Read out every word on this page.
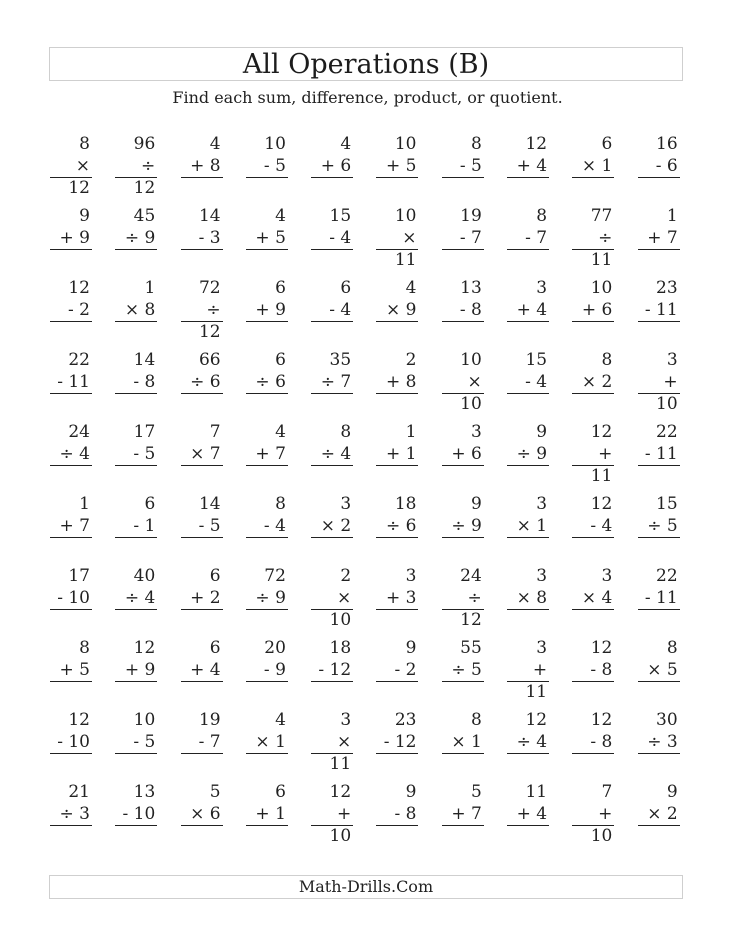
All Operations (B)
Find each sum, difference, product, or quotient.
8
× 12
96
÷ 12
4
+ 8
10
- 5
4
+ 6
10
+ 5
8
- 5
12
+ 4
6
× 1
16
- 6
9
+ 9
45
÷ 9
14
- 3
4
+ 5
15
- 4
10
× 11
19
- 7
8
- 7
77
÷ 11
1
+ 7
12
- 2
1
× 8
72
÷ 12
6
+ 9
6
- 4
4
× 9
13
- 8
3
+ 4
10
+ 6
23
- 11
22
- 11
14
- 8
66
÷ 6
6
÷ 6
35
÷ 7
2
+ 8
10
× 10
15
- 4
8
× 2
3
+ 10
24
÷ 4
17
- 5
7
× 7
4
+ 7
8
÷ 4
1
+ 1
3
+ 6
9
÷ 9
12
+ 11
22
- 11
1
+ 7
6
- 1
14
- 5
8
- 4
3
× 2
18
÷ 6
9
÷ 9
3
× 1
12
- 4
15
÷ 5
17
- 10
40
÷ 4
6
+ 2
72
÷ 9
2
× 10
3
+ 3
24
÷ 12
3
× 8
3
× 4
22
- 11
8
+ 5
12
+ 9
6
+ 4
20
- 9
18
- 12
9
- 2
55
÷ 5
3
+ 11
12
- 8
8
× 5
12
- 10
10
- 5
19
- 7
4
× 1
3
× 11
23
- 12
8
× 1
12
÷ 4
12
- 8
30
÷ 3
21
÷ 3
13
- 10
5
× 6
6
+ 1
12
+ 10
9
- 8
5
+ 7
11
+ 4
7
+ 10
9
× 2
Math-Drills.Com
